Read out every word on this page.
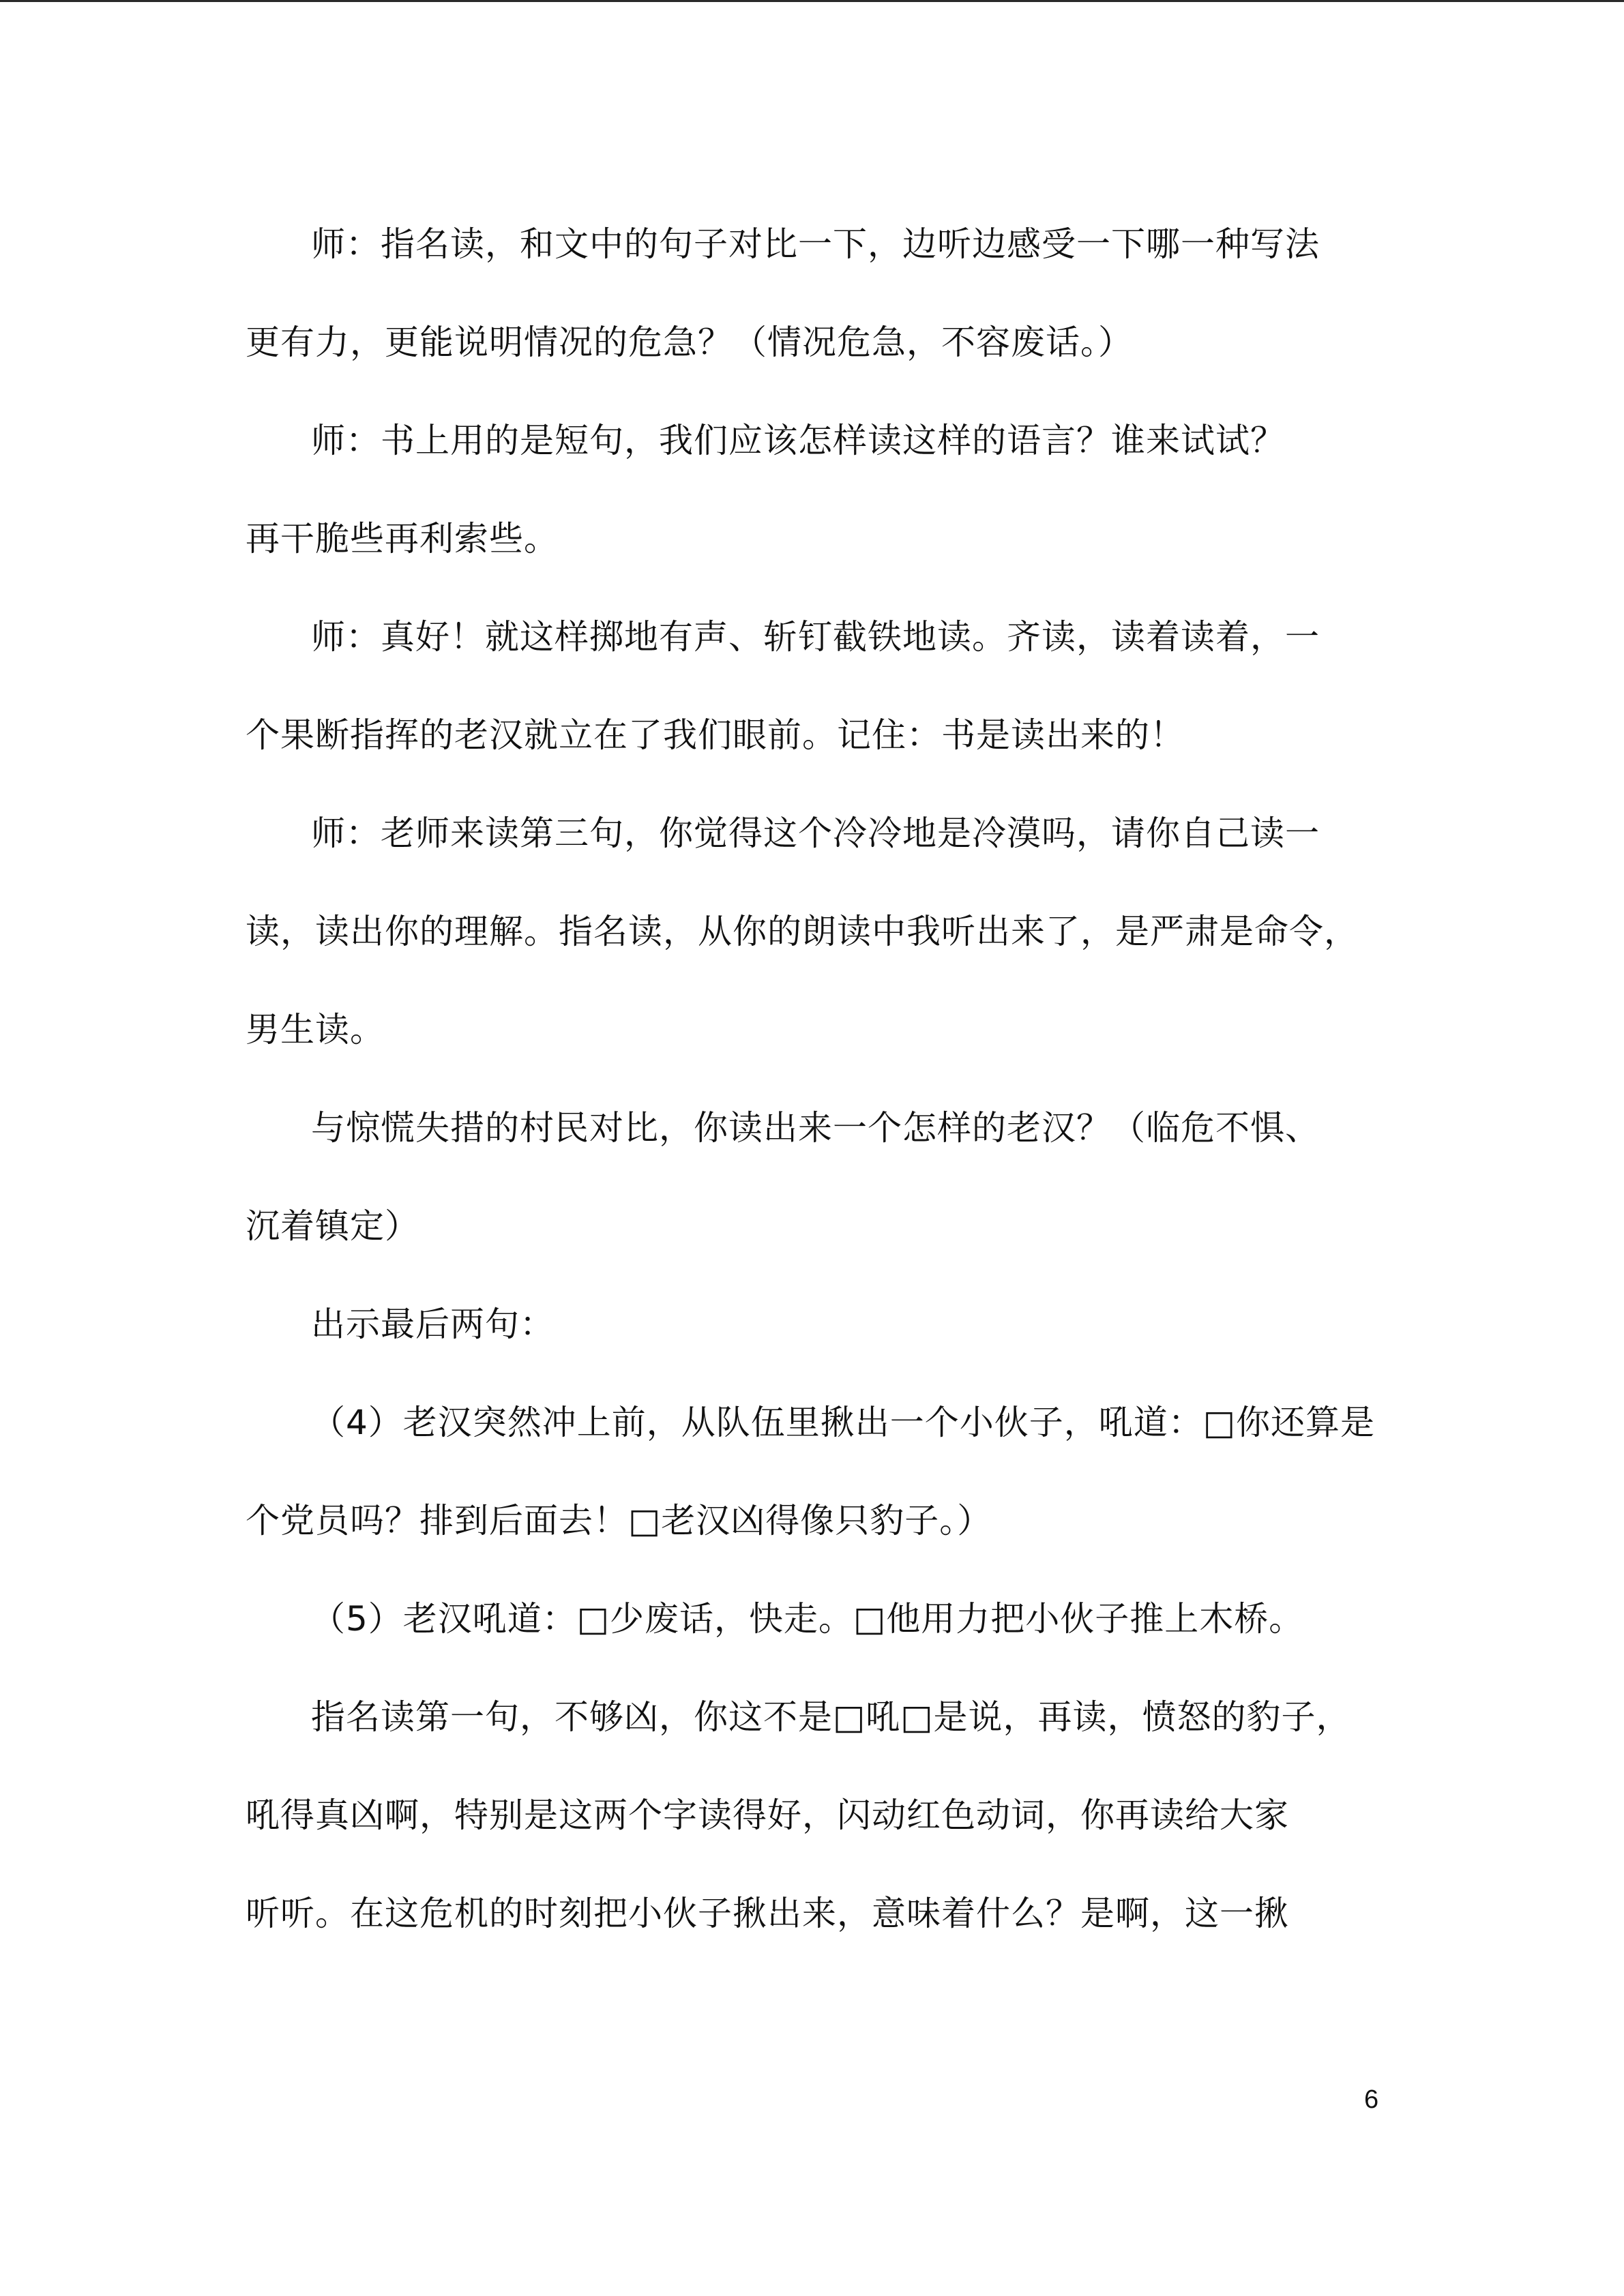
师：指名读，和文中的句子对比一下，边听边感受一下哪一种写法
更有力，更能说明情况的危急？（情况危急，不容废话。）
师：书上用的是短句，我们应该怎样读这样的语言？谁来试试？
再干脆些再利索些。
师：真好！就这样掷地有声、斩钉截铁地读。齐读，读着读着，一
个果断指挥的老汉就立在了我们眼前。记住：书是读出来的！
师：老师来读第三句，你觉得这个冷冷地是冷漠吗，请你自己读一
读，读出你的理解。指名读，从你的朗读中我听出来了，是严肃是命令，
男生读。
与惊慌失措的村民对比，你读出来一个怎样的老汉？（临危不惧、
沉着镇定）
出示最后两句：
（4）老汉突然冲上前，从队伍里揪出一个小伙子，吼道：□你还算是
个党员吗？排到后面去！□老汉凶得像只豹子。）
（5）老汉吼道：□少废话，快走。□他用力把小伙子推上木桥。
指名读第一句，不够凶，你这不是□吼□是说，再读，愤怒的豹子，
吼得真凶啊，特别是这两个字读得好，闪动红色动词，你再读给大家
听听。在这危机的时刻把小伙子揪出来，意味着什么？是啊，这一揪
6
